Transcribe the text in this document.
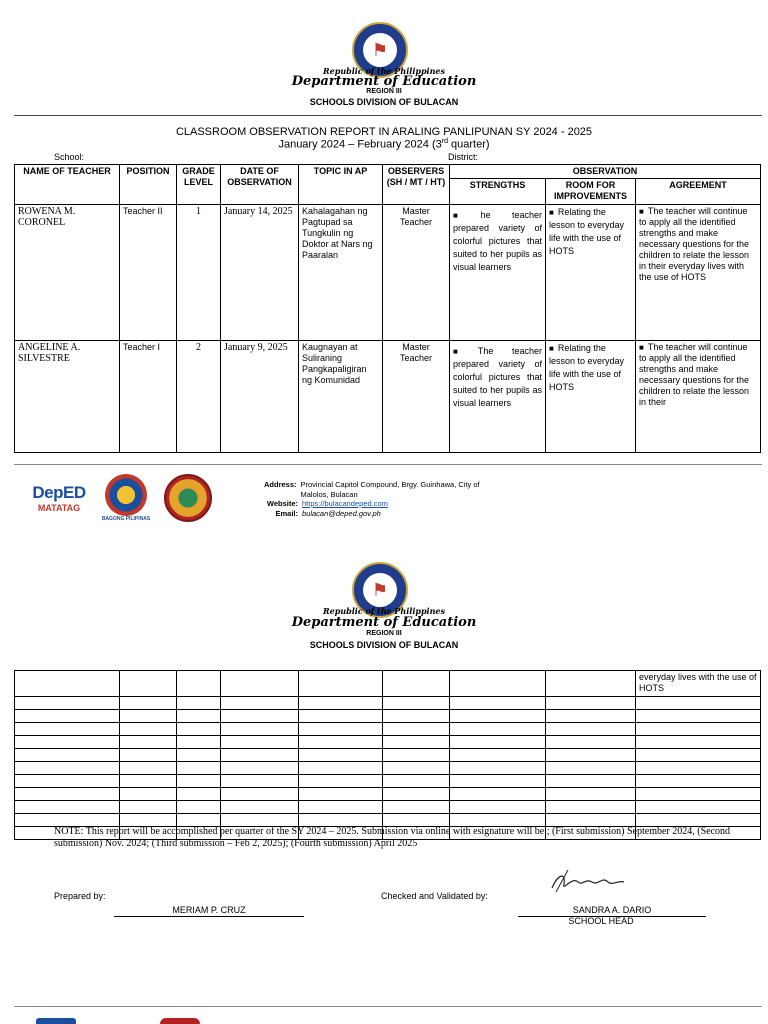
⚑
Republic of the Philippines
Department of Education
REGION III
SCHOOLS DIVISION OF BULACAN
CLASSROOM OBSERVATION REPORT IN ARALING PANLIPUNAN SY 2024 - 2025
January 2024 – February 2024 (3rd quarter)
School:	District:
NAME OF TEACHER	POSITION	GRADE LEVEL	DATE OF OBSERVATION	TOPIC IN AP	OBSERVERS (SH / MT / HT)	OBSERVATION		
						STRENGTHS	ROOM FOR IMPROVEMENTS	AGREEMENT
ROWENA M. CORONEL	Teacher II	1	January 14, 2025	Kahalagahan ng Pagtupad sa Tungkulin ng Doktor at Nars ng Paaralan	Master Teacher	■ he teacher prepared variety of colorful pictures that suited to her pupils as visual learners	■ Relating the lesson to everyday life with the use of HOTS	■ The teacher will continue to apply all the identified strengths and make necessary questions for the children to relate the lesson in their everyday lives with the use of HOTS
ANGELINE A. SILVESTRE	Teacher I	2	January 9, 2025	Kaugnayan at Suliraning Pangkapaligiran ng Komunidad	Master Teacher	■ The teacher prepared variety of colorful pictures that suited to her pupils as visual learners	■ Relating the lesson to everyday life with the use of HOTS	■ The teacher will continue to apply all the identified strengths and make necessary questions for the children to relate the lesson in their
DepED
MATATAG
BAGONG PILIPINAS
Address: Provincial Capitol Compound, Brgy. Guinhawa, City of Malolos, Bulacan
Website: https://bulacandeped.com
Email: bulacan@deped.gov.ph
⚑
Republic of the Philippines
Department of Education
REGION III
SCHOOLS DIVISION OF BULACAN
								everyday lives with the use of HOTS

NOTE: This report will be accomplished per quarter of the SY 2024 – 2025. Submission via online with esignature will be ; (First submission) September 2024, (Second submission) Nov. 2024; (Third submission – Feb 2, 2025); (Fourth submission) April 2025
Prepared by:
MERIAM P. CRUZ
Checked and Validated by:
SANDRA A. DARIO
SCHOOL HEAD
